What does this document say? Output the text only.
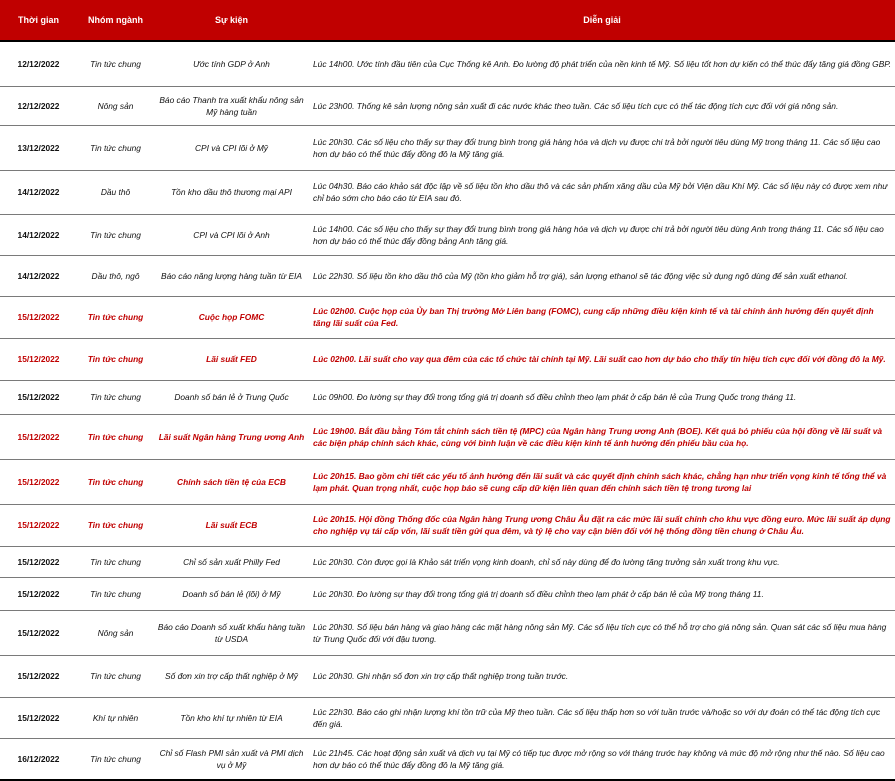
Thời gian	Nhóm ngành	Sự kiện	Diễn giải
12/12/2022	Tin tức chung	Ước tính GDP ở Anh	Lúc 14h00. Ước tính đầu tiên của Cục Thống kê Anh. Đo lường độ phát triển của nền kinh tế Mỹ. Số liệu tốt hơn dự kiến có thể thúc đẩy tăng giá đồng GBP.
12/12/2022	Nông sản	Báo cáo Thanh tra xuất khẩu nông sản Mỹ hàng tuần	Lúc 23h00. Thống kê sản lượng nông sản xuất đi các nước khác theo tuần. Các số liệu tích cực có thể tác động tích cực đối với giá nông sản.
13/12/2022	Tin tức chung	CPI và CPI lõi ở Mỹ	Lúc 20h30. Các số liệu cho thấy sự thay đổi trung bình trong giá hàng hóa và dịch vụ được chi trả bởi người tiêu dùng Mỹ trong tháng 11. Các số liệu cao hơn dự báo có thể thúc đẩy đồng đô la Mỹ tăng giá.
14/12/2022	Dầu thô	Tồn kho dầu thô thương mại API	Lúc 04h30. Báo cáo khảo sát độc lập về số liệu tồn kho dầu thô và các sản phẩm xăng dầu của Mỹ bởi Viện dầu Khí Mỹ. Các số liệu này có được xem như chỉ báo sớm cho báo cáo từ EIA sau đó.
14/12/2022	Tin tức chung	CPI và CPI lõi ở Anh	Lúc 14h00. Các số liệu cho thấy sự thay đổi trung bình trong giá hàng hóa và dịch vụ được chi trả bởi người tiêu dùng Anh trong tháng 11. Các số liệu cao hơn dự báo có thể thúc đẩy đồng bảng Anh tăng giá.
14/12/2022	Dầu thô, ngô	Báo cáo năng lượng hàng tuần từ EIA	Lúc 22h30. Số liệu tồn kho dầu thô của Mỹ (tồn kho giảm hỗ trợ giá), sản lượng ethanol sẽ tác động việc sử dụng ngô dùng để sản xuất ethanol.
15/12/2022	Tin tức chung	Cuộc họp FOMC	Lúc 02h00. Cuộc họp của Ủy ban Thị trường Mở Liên bang (FOMC), cung cấp những điều kiện kinh tế và tài chính ảnh hưởng đến quyết định tăng lãi suất của Fed.
15/12/2022	Tin tức chung	Lãi suất FED	Lúc 02h00. Lãi suất cho vay qua đêm của các tổ chức tài chính tại Mỹ. Lãi suất cao hơn dự báo cho thấy tín hiệu tích cực đối với đồng đô la Mỹ.
15/12/2022	Tin tức chung	Doanh số bán lẻ ở Trung Quốc	Lúc 09h00. Đo lường sự thay đổi trong tổng giá trị doanh số điều chỉnh theo lạm phát ở cấp bán lẻ của Trung Quốc trong tháng 11.
15/12/2022	Tin tức chung	Lãi suất Ngân hàng Trung ương Anh	Lúc 19h00. Bắt đầu bằng Tóm tắt chính sách tiền tệ (MPC) của Ngân hàng Trung ương Anh (BOE). Kết quả bỏ phiếu của hội đồng về lãi suất và các biện pháp chính sách khác, cùng với bình luận về các điều kiện kinh tế ảnh hưởng đến phiếu bầu của họ.
15/12/2022	Tin tức chung	Chính sách tiền tệ của ECB	Lúc 20h15. Bao gồm chi tiết các yếu tố ảnh hưởng đến lãi suất và các quyết định chính sách khác, chẳng hạn như triển vọng kinh tế tổng thể và lạm phát. Quan trọng nhất, cuộc họp báo sẽ cung cấp dữ kiện liên quan đến chính sách tiền tệ trong tương lai
15/12/2022	Tin tức chung	Lãi suất ECB	Lúc 20h15. Hội đồng Thống đốc của Ngân hàng Trung ương Châu Âu đặt ra các mức lãi suất chính cho khu vực đồng euro. Mức lãi suất áp dụng cho nghiệp vụ tái cấp vốn, lãi suất tiền gửi qua đêm, và tỷ lệ cho vay cận biên đối với hệ thống đồng tiền chung ở Châu Âu.
15/12/2022	Tin tức chung	Chỉ số sản xuất Philly Fed	Lúc 20h30. Còn được gọi là Khảo sát triển vọng kinh doanh, chỉ số này dùng để đo lường tăng trưởng sản xuất trong khu vực.
15/12/2022	Tin tức chung	Doanh số bán lẻ (lõi) ở Mỹ	Lúc 20h30. Đo lường sự thay đổi trong tổng giá trị doanh số điều chỉnh theo lạm phát ở cấp bán lẻ của Mỹ trong tháng 11.
15/12/2022	Nông sản	Báo cáo Doanh số xuất khẩu hàng tuần từ USDA	Lúc 20h30. Số liệu bán hàng và giao hàng các mặt hàng nông sản Mỹ. Các số liệu tích cực có thể hỗ trợ cho giá nông sản. Quan sát các số liệu mua hàng từ Trung Quốc đối với đậu tương.
15/12/2022	Tin tức chung	Số đơn xin trợ cấp thất nghiệp ở Mỹ	Lúc 20h30. Ghi nhận số đơn xin trợ cấp thất nghiệp trong tuần trước.
15/12/2022	Khí tự nhiên	Tồn kho khí tự nhiên từ EIA	Lúc 22h30. Báo cáo ghi nhận lượng khí tồn trữ của Mỹ theo tuần. Các số liệu thấp hơn so với tuần trước và/hoặc so với dự đoán có thể tác động tích cực đến giá.
16/12/2022	Tin tức chung	Chỉ số Flash PMI sản xuất và PMI dịch vụ ở Mỹ	Lúc 21h45. Các hoạt động sản xuất và dịch vụ tại Mỹ có tiếp tục được mở rộng so với tháng trước hay không và mức độ mở rộng như thế nào. Số liệu cao hơn dự báo có thể thúc đẩy đồng đô la Mỹ tăng giá.
